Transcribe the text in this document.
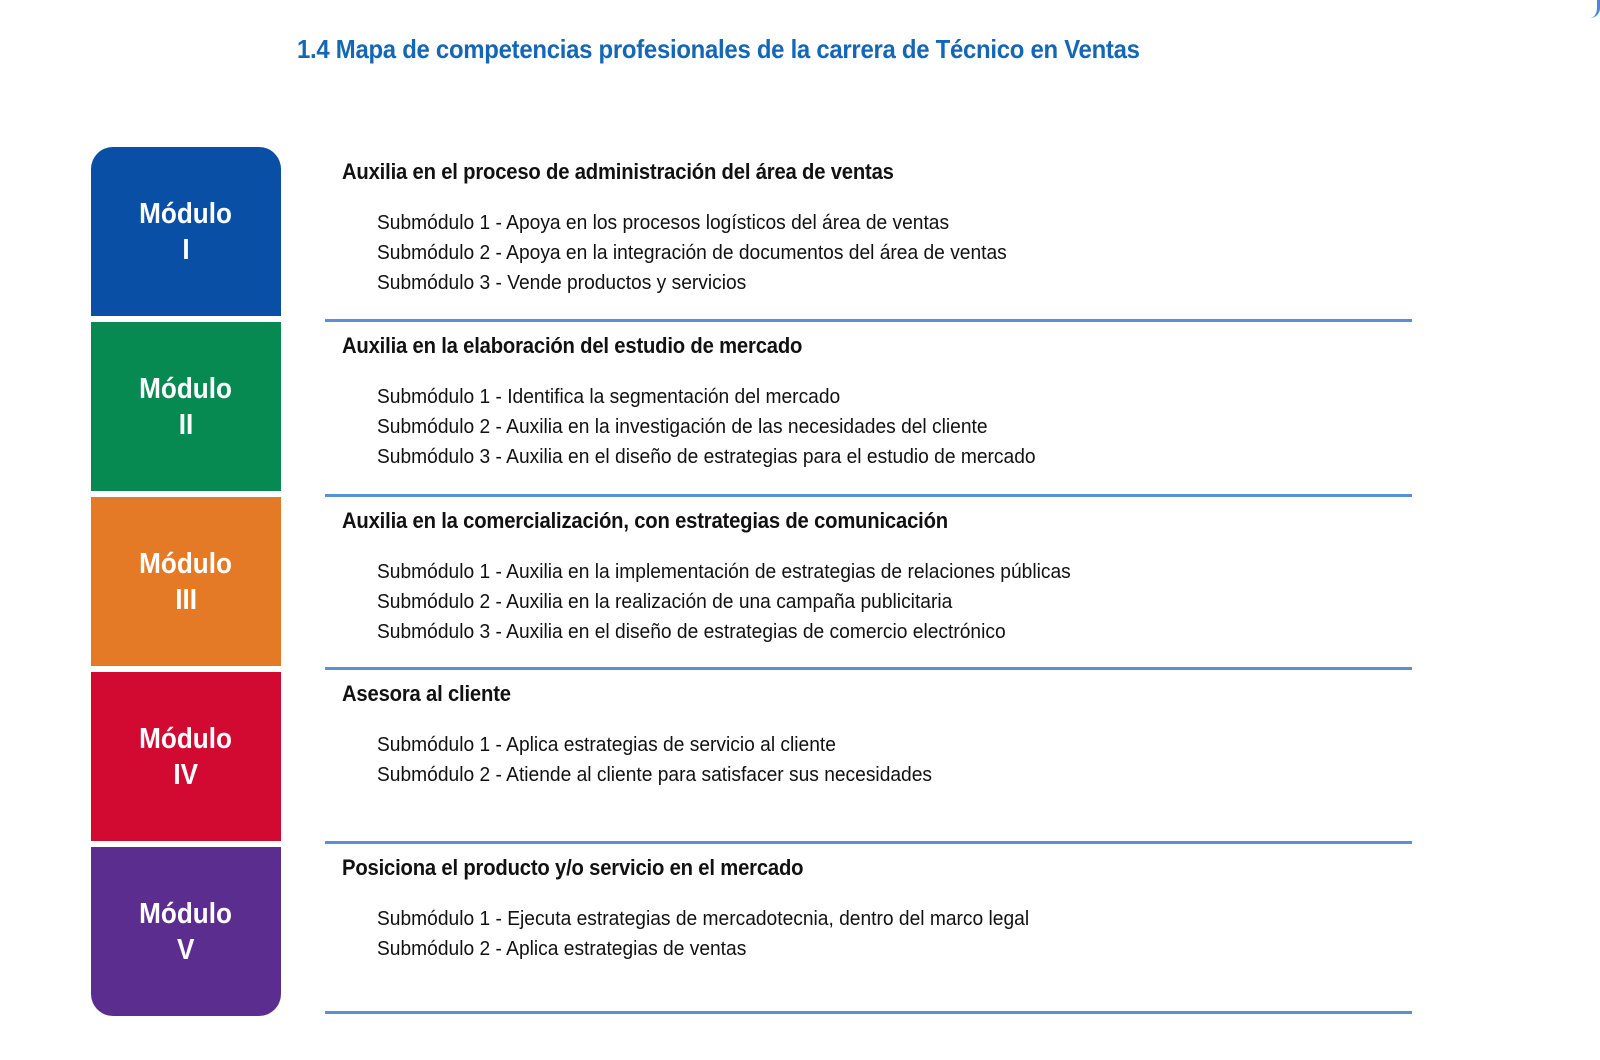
1.4 Mapa de competencias profesionales de la carrera de Técnico en Ventas
Módulo
I
Módulo
II
Módulo
III
Módulo
IV
Módulo
V
Auxilia en el proceso de administración del área de ventas
Submódulo 1 - Apoya en los procesos logísticos del área de ventas
Submódulo 2 - Apoya en la integración de documentos del área de ventas
Submódulo 3 - Vende productos y servicios
Auxilia en la elaboración del estudio de mercado
Submódulo 1 - Identifica la segmentación del mercado
Submódulo 2 - Auxilia en la investigación de las necesidades del cliente
Submódulo 3 - Auxilia en el diseño de estrategias para el estudio de mercado
Auxilia en la comercialización, con estrategias de comunicación
Submódulo 1 - Auxilia en la implementación de estrategias de relaciones públicas
Submódulo 2 - Auxilia en la realización de una campaña publicitaria
Submódulo 3 - Auxilia en el diseño de estrategias de comercio electrónico
Asesora al cliente
Submódulo 1 - Aplica estrategias de servicio al cliente
Submódulo 2 - Atiende al cliente para satisfacer sus necesidades
Posiciona el producto y/o servicio en el mercado
Submódulo 1 - Ejecuta estrategias de mercadotecnia, dentro del marco legal
Submódulo 2 - Aplica estrategias de ventas
